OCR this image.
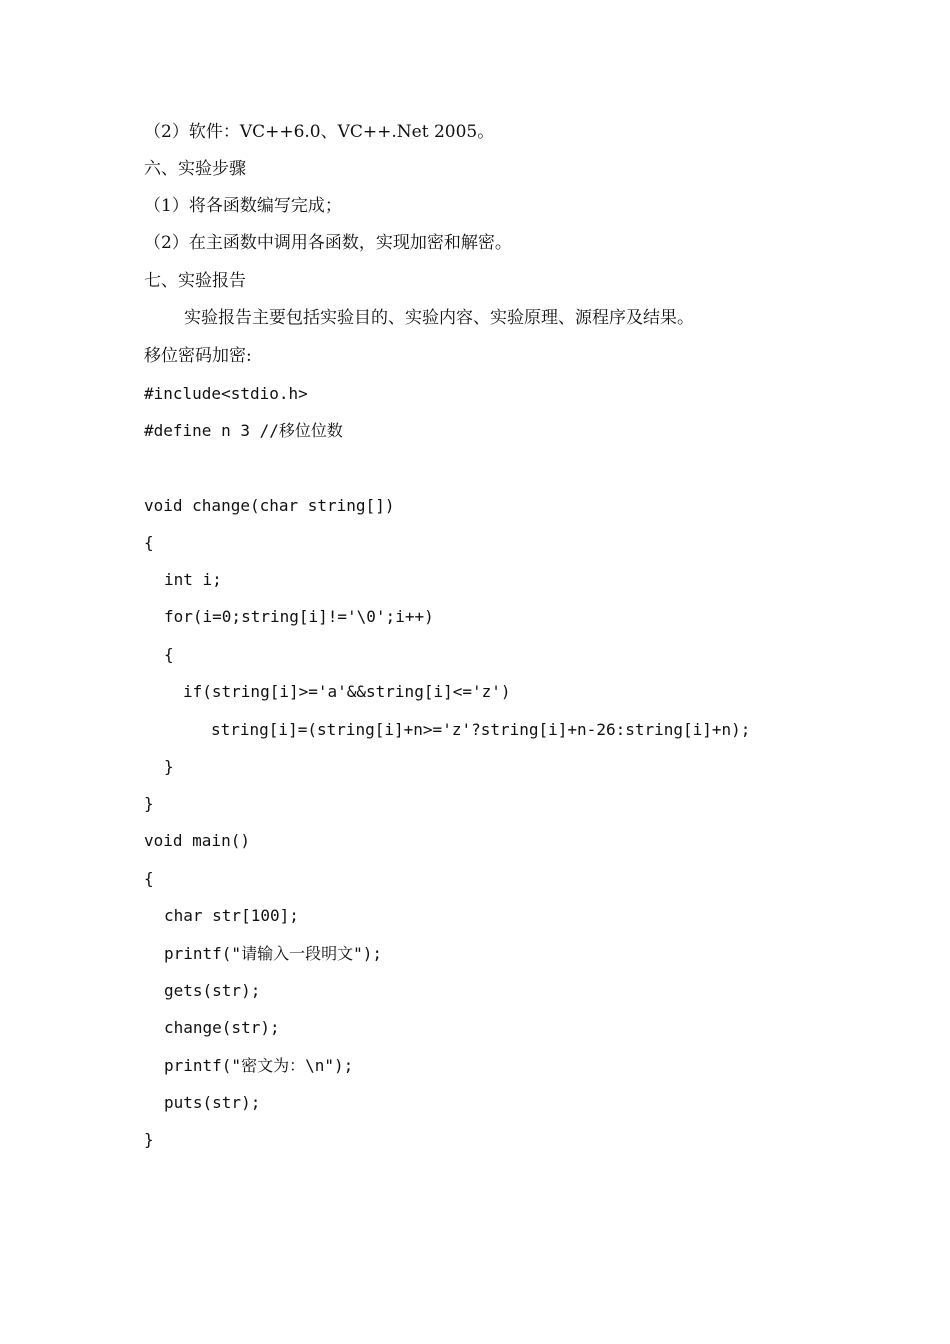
（2）软件：VC++6.0、VC++.Net 2005。
六、实验步骤
（1）将各函数编写完成；
（2）在主函数中调用各函数，实现加密和解密。
七、实验报告
实验报告主要包括实验目的、实验内容、实验原理、源程序及结果。
移位密码加密:
#include<stdio.h>
#define n 3 //移位位数
void change(char string[])
{
int i;
for(i=0;string[i]!='\0';i++)
{
if(string[i]>='a'&&string[i]<='z')
string[i]=(string[i]+n>='z'?string[i]+n-26:string[i]+n);
}
}
void main()
{
char str[100];
printf("请输入一段明文");
gets(str);
change(str);
printf("密文为：\n");
puts(str);
}
